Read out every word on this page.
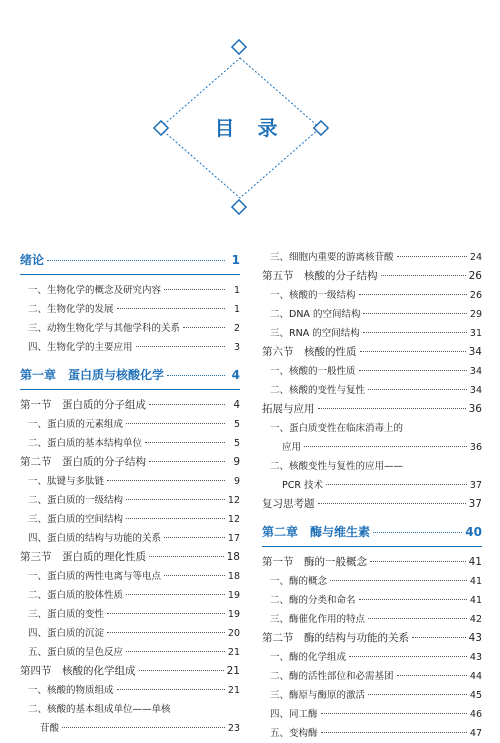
目 录
绪论	1
一、生物化学的概念及研究内容	1
二、生物化学的发展	1
三、动物生物化学与其他学科的关系	2
四、生物化学的主要应用	3
第一章　蛋白质与核酸化学	4
第一节　蛋白质的分子组成	4
一、蛋白质的元素组成	5
二、蛋白质的基本结构单位	5
第二节　蛋白质的分子结构	9
一、肽键与多肽链	9
二、蛋白质的一级结构	12
三、蛋白质的空间结构	12
四、蛋白质的结构与功能的关系	17
第三节　蛋白质的理化性质	18
一、蛋白质的两性电离与等电点	18
二、蛋白质的胶体性质	19
三、蛋白质的变性	19
四、蛋白质的沉淀	20
五、蛋白质的呈色反应	21
第四节　核酸的化学组成	21
一、核酸的物质组成	21
二、核酸的基本组成单位——单核
苷酸	23
三、细胞内重要的游离核苷酸	24
第五节　核酸的分子结构	26
一、核酸的一级结构	26
二、DNA 的空间结构	29
三、RNA 的空间结构	31
第六节　核酸的性质	34
一、核酸的一般性质	34
二、核酸的变性与复性	34
拓展与应用	36
一、蛋白质变性在临床消毒上的
应用	36
二、核酸变性与复性的应用——
PCR 技术	37
复习思考题	37
第二章　酶与维生素	40
第一节　酶的一般概念	41
一、酶的概念	41
二、酶的分类和命名	41
三、酶催化作用的特点	42
第二节　酶的结构与功能的关系	43
一、酶的化学组成	43
二、酶的活性部位和必需基团	44
三、酶原与酶原的激活	45
四、同工酶	46
五、变构酶	47
